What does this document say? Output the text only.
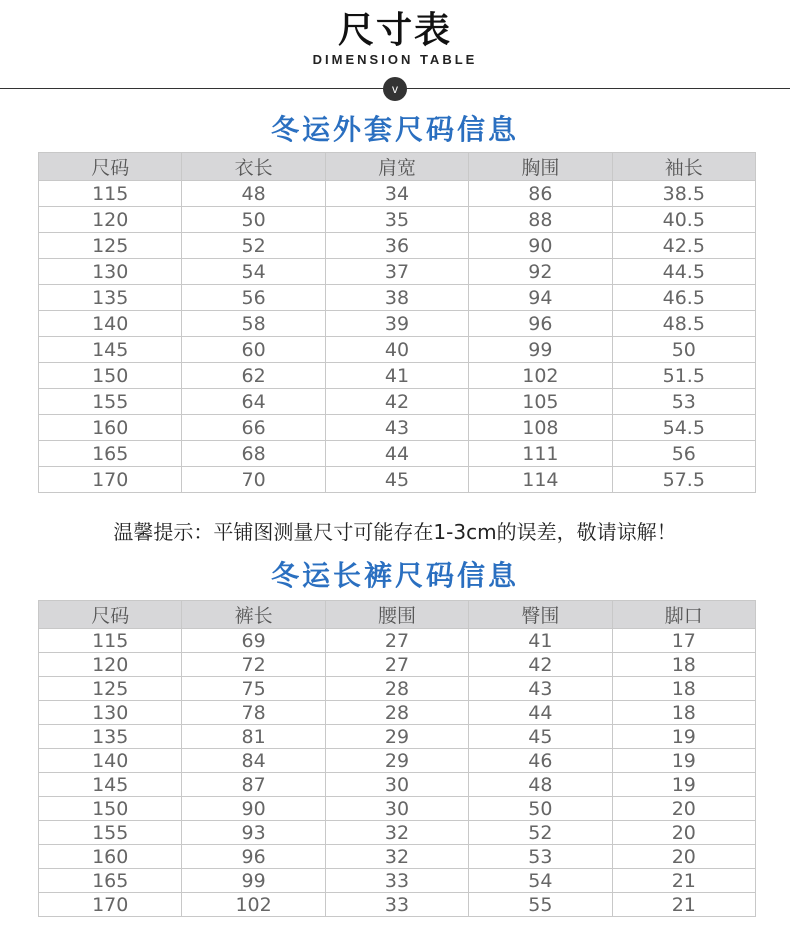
尺寸表
DIMENSION TABLE
v
冬运外套尺码信息
尺码	衣长	肩宽	胸围	袖长
115	48	34	86	38.5
120	50	35	88	40.5
125	52	36	90	42.5
130	54	37	92	44.5
135	56	38	94	46.5
140	58	39	96	48.5
145	60	40	99	50
150	62	41	102	51.5
155	64	42	105	53
160	66	43	108	54.5
165	68	44	111	56
170	70	45	114	57.5
温馨提示：平铺图测量尺寸可能存在1-3cm的误差，敬请谅解！
冬运长裤尺码信息
尺码	裤长	腰围	臀围	脚口
115	69	27	41	17
120	72	27	42	18
125	75	28	43	18
130	78	28	44	18
135	81	29	45	19
140	84	29	46	19
145	87	30	48	19
150	90	30	50	20
155	93	32	52	20
160	96	32	53	20
165	99	33	54	21
170	102	33	55	21
